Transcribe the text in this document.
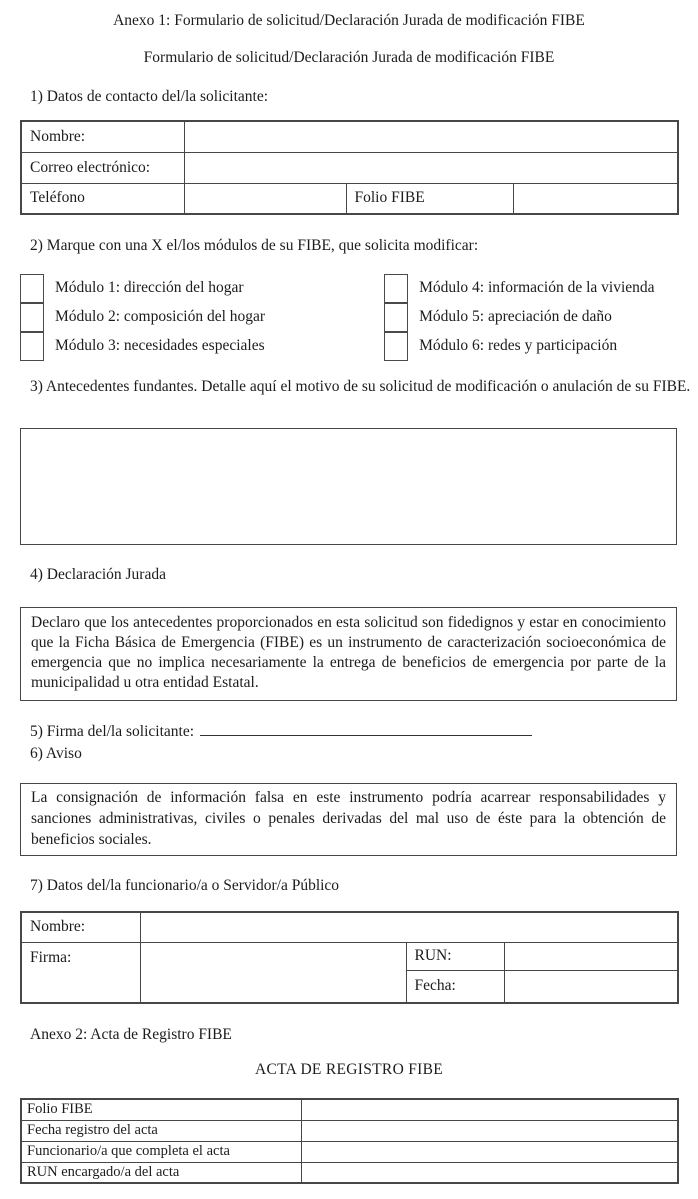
Anexo 1: Formulario de solicitud/Declaración Jurada de modificación FIBE
Formulario de solicitud/Declaración Jurada de modificación FIBE
1) Datos de contacto del/la solicitante:
Nombre:			
Correo electrónico:			
Teléfono		Folio FIBE	
2) Marque con una X el/los módulos de su FIBE, que solicita modificar:
Módulo 1: dirección del hogar
Módulo 2: composición del hogar
Módulo 3: necesidades especiales
Módulo 4: información de la vivienda
Módulo 5: apreciación de daño
Módulo 6: redes y participación
3) Antecedentes fundantes. Detalle aquí el motivo de su solicitud de modificación o anulación de su FIBE.
4) Declaración Jurada
Declaro que los antecedentes proporcionados en esta solicitud son fidedignos y estar en conocimiento que la Ficha Básica de Emergencia (FIBE) es un instrumento de caracterización socioeconómica de emergencia que no implica necesariamente la entrega de beneficios de emergencia por parte de la municipalidad u otra entidad Estatal.
5) Firma del/la solicitante:
6) Aviso
La consignación de información falsa en este instrumento podría acarrear responsabilidades y sanciones administrativas, civiles o penales derivadas del mal uso de éste para la obtención de beneficios sociales.
7) Datos del/la funcionario/a o Servidor/a Público
Nombre:			
Firma:		RUN:	
		Fecha:	
Anexo 2: Acta de Registro FIBE
ACTA DE REGISTRO FIBE
Folio FIBE	
Fecha registro del acta	
Funcionario/a que completa el acta	
RUN encargado/a del acta	
